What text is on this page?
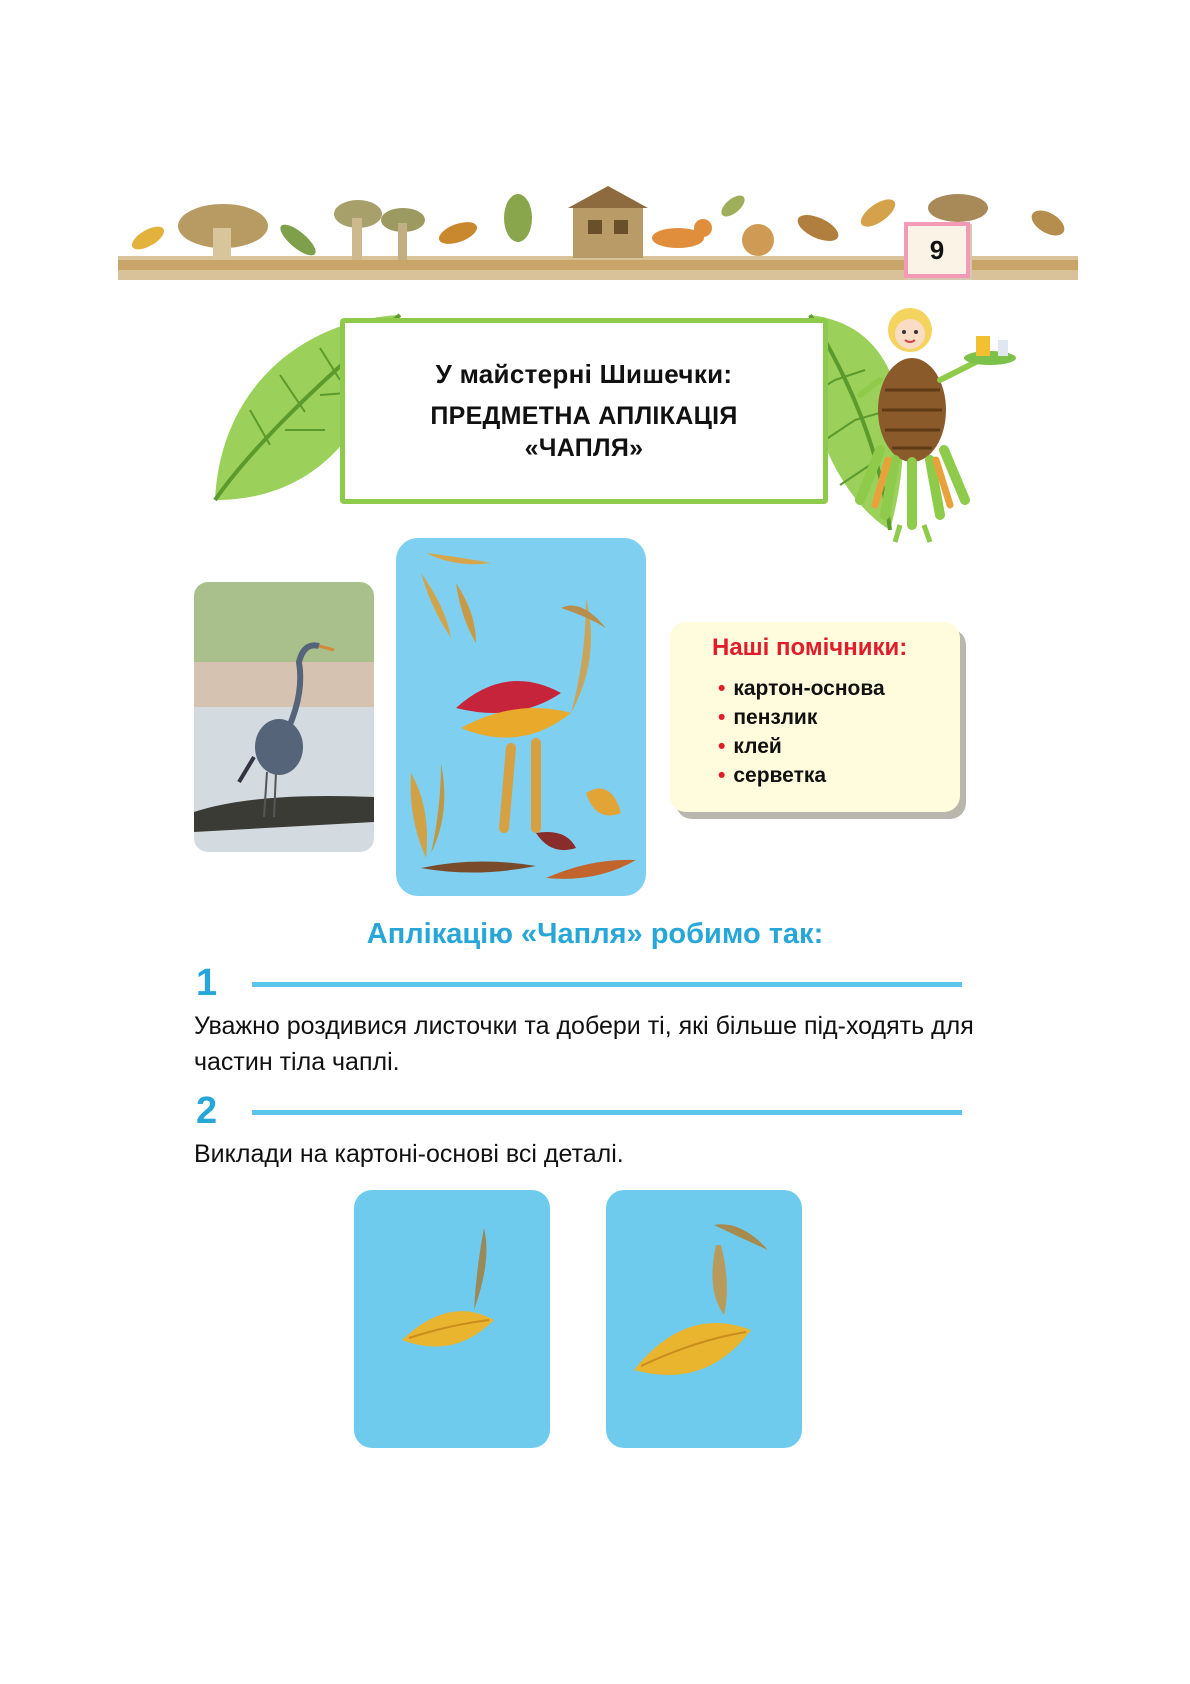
9
У майстерні Шишечки:
ПРЕДМЕТНА АПЛІКАЦІЯ
«ЧАПЛЯ»
Наші помічники:
• картон-основа
• пензлик
• клей
• серветка
Аплікацію «Чапля» робимо так:
1
Уважно роздивися листочки та добери ті, які більше під-ходять для частин тіла чаплі.
2
Виклади на картоні-основі всі деталі.
